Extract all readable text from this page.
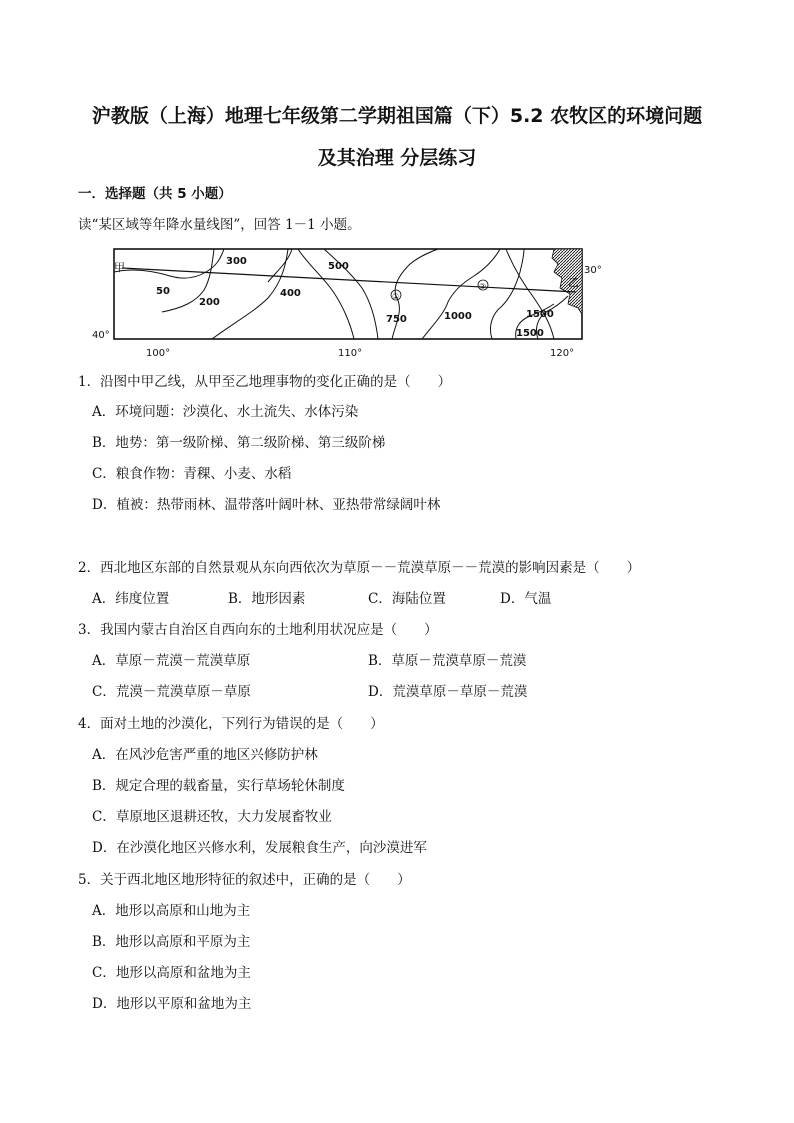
沪教版（上海）地理七年级第二学期祖国篇（下）5.2 农牧区的环境问题
及其治理 分层练习
一．选择题（共 5 小题）
读“某区域等年降水量线图”，回答 1－1 小题。
甲
乙
50
200
300
400
500
750	1000	1500
1500
①
②
30°
40°
100°	110°	120°
1．沿图中甲乙线，从甲至乙地理事物的变化正确的是（　　）
A．环境问题：沙漠化、水土流失、水体污染
B．地势：第一级阶梯、第二级阶梯、第三级阶梯
C．粮食作物：青稞、小麦、水稻
D．植被：热带雨林、温带落叶阔叶林、亚热带常绿阔叶林
2．西北地区东部的自然景观从东向西依次为草原－－荒漠草原－－荒漠的影响因素是（　　）
A．纬度位置	B．地形因素	C．海陆位置	D．气温
3．我国内蒙古自治区自西向东的土地利用状况应是（　　）
A．草原－荒漠－荒漠草原	B．草原－荒漠草原－荒漠
C．荒漠－荒漠草原－草原	D．荒漠草原－草原－荒漠
4．面对土地的沙漠化，下列行为错误的是（　　）
A．在风沙危害严重的地区兴修防护林
B．规定合理的载畜量，实行草场轮休制度
C．草原地区退耕还牧，大力发展畜牧业
D．在沙漠化地区兴修水利，发展粮食生产，向沙漠进军
5．关于西北地区地形特征的叙述中，正确的是（　　）
A．地形以高原和山地为主
B．地形以高原和平原为主
C．地形以高原和盆地为主
D．地形以平原和盆地为主
